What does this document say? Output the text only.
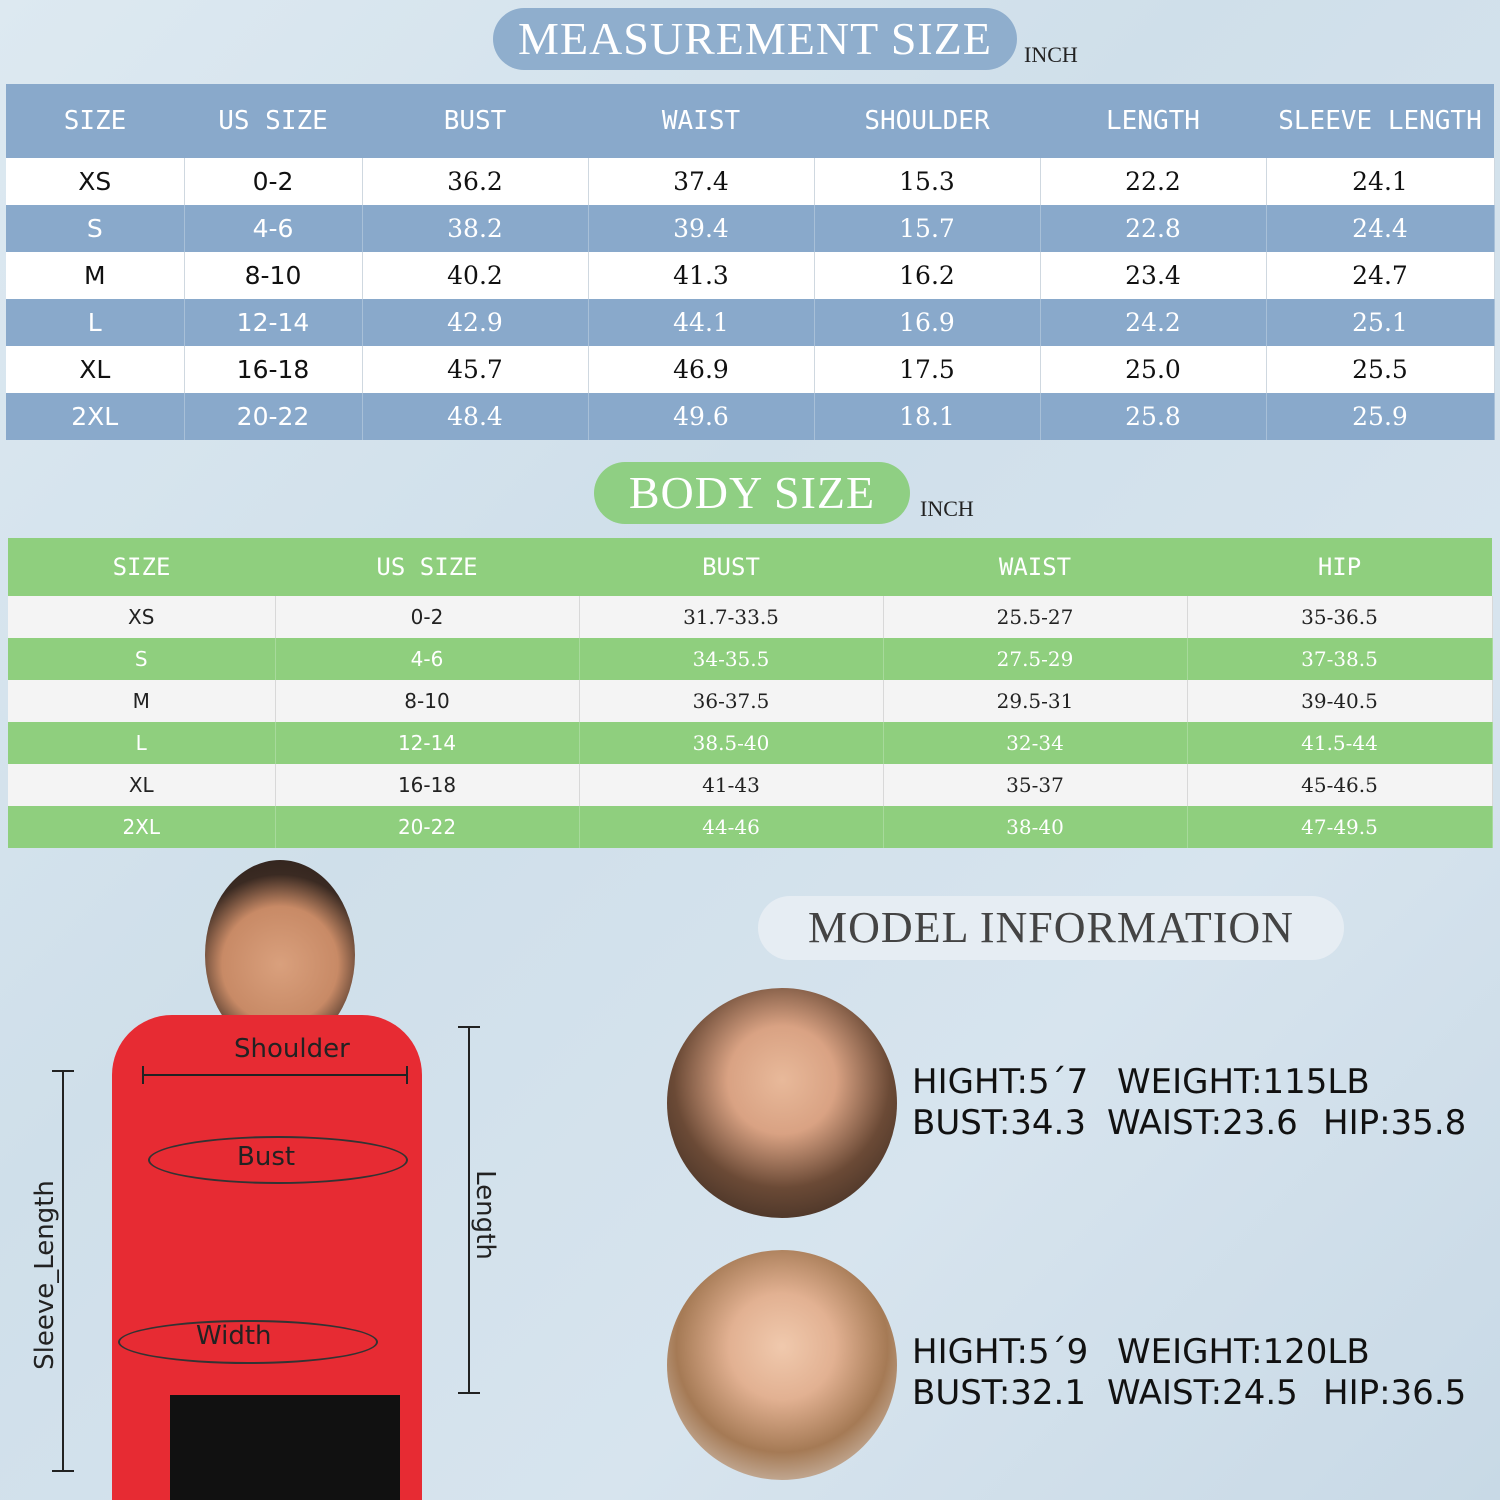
MEASUREMENT SIZE	INCH
SIZE	US SIZE	BUST	WAIST	SHOULDER	LENGTH	SLEEVE LENGTH
XS	0-2	36.2	37.4	15.3	22.2	24.1
S	4-6	38.2	39.4	15.7	22.8	24.4
M	8-10	40.2	41.3	16.2	23.4	24.7
L	12-14	42.9	44.1	16.9	24.2	25.1
XL	16-18	45.7	46.9	17.5	25.0	25.5
2XL	20-22	48.4	49.6	18.1	25.8	25.9
BODY SIZE	INCH
SIZE	US SIZE	BUST	WAIST	HIP
XS	0-2	31.7-33.5	25.5-27	35-36.5
S	4-6	34-35.5	27.5-29	37-38.5
M	8-10	36-37.5	29.5-31	39-40.5
L	12-14	38.5-40	32-34	41.5-44
XL	16-18	41-43	35-37	45-46.5
2XL	20-22	44-46	38-40	47-49.5
Shoulder
Bust
Width
Length
Sleeve_Length
MODEL INFORMATION
HIGHT:5´7 WEIGHT:115LB
BUST:34.3 WAIST:23.6 HIP:35.8
HIGHT:5´9 WEIGHT:120LB
BUST:32.1 WAIST:24.5 HIP:36.5
